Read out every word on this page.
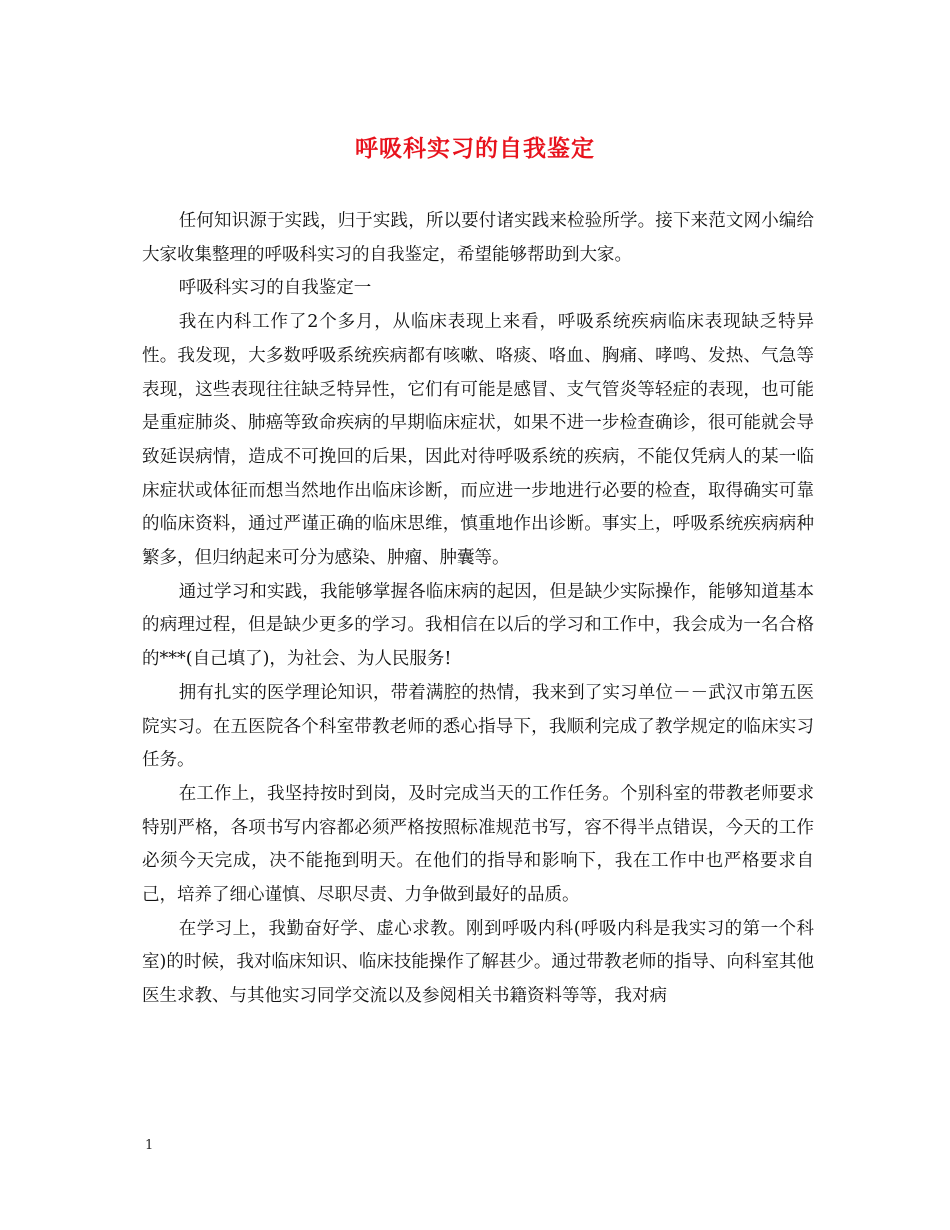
呼吸科实习的自我鉴定

任何知识源于实践，归于实践，所以要付诸实践来检验所学。接下来范文网小编给大家收集整理的呼吸科实习的自我鉴定，希望能够帮助到大家。

呼吸科实习的自我鉴定一

我在内科工作了2个多月，从临床表现上来看，呼吸系统疾病临床表现缺乏特异性。我发现，大多数呼吸系统疾病都有咳嗽、咯痰、咯血、胸痛、哮鸣、发热、气急等表现，这些表现往往缺乏特异性，它们有可能是感冒、支气管炎等轻症的表现，也可能是重症肺炎、肺癌等致命疾病的早期临床症状，如果不进一步检查确诊，很可能就会导致延误病情，造成不可挽回的后果，因此对待呼吸系统的疾病，不能仅凭病人的某一临床症状或体征而想当然地作出临床诊断，而应进一步地进行必要的检查，取得确实可靠的临床资料，通过严谨正确的临床思维，慎重地作出诊断。事实上，呼吸系统疾病病种繁多，但归纳起来可分为感染、肿瘤、肿囊等。

通过学习和实践，我能够掌握各临床病的起因，但是缺少实际操作，能够知道基本的病理过程，但是缺少更多的学习。我相信在以后的学习和工作中，我会成为一名合格的***(自己填了)，为社会、为人民服务!

拥有扎实的医学理论知识，带着满腔的热情，我来到了实习单位－－武汉市第五医院实习。在五医院各个科室带教老师的悉心指导下，我顺利完成了教学规定的临床实习任务。

在工作上，我坚持按时到岗，及时完成当天的工作任务。个别科室的带教老师要求特别严格，各项书写内容都必须严格按照标准规范书写，容不得半点错误，今天的工作必须今天完成，决不能拖到明天。在他们的指导和影响下，我在工作中也严格要求自己，培养了细心谨慎、尽职尽责、力争做到最好的品质。

在学习上，我勤奋好学、虚心求教。刚到呼吸内科(呼吸内科是我实习的第一个科室)的时候，我对临床知识、临床技能操作了解甚少。通过带教老师的指导、向科室其他医生求教、与其他实习同学交流以及参阅相关书籍资料等等，我对病

1
